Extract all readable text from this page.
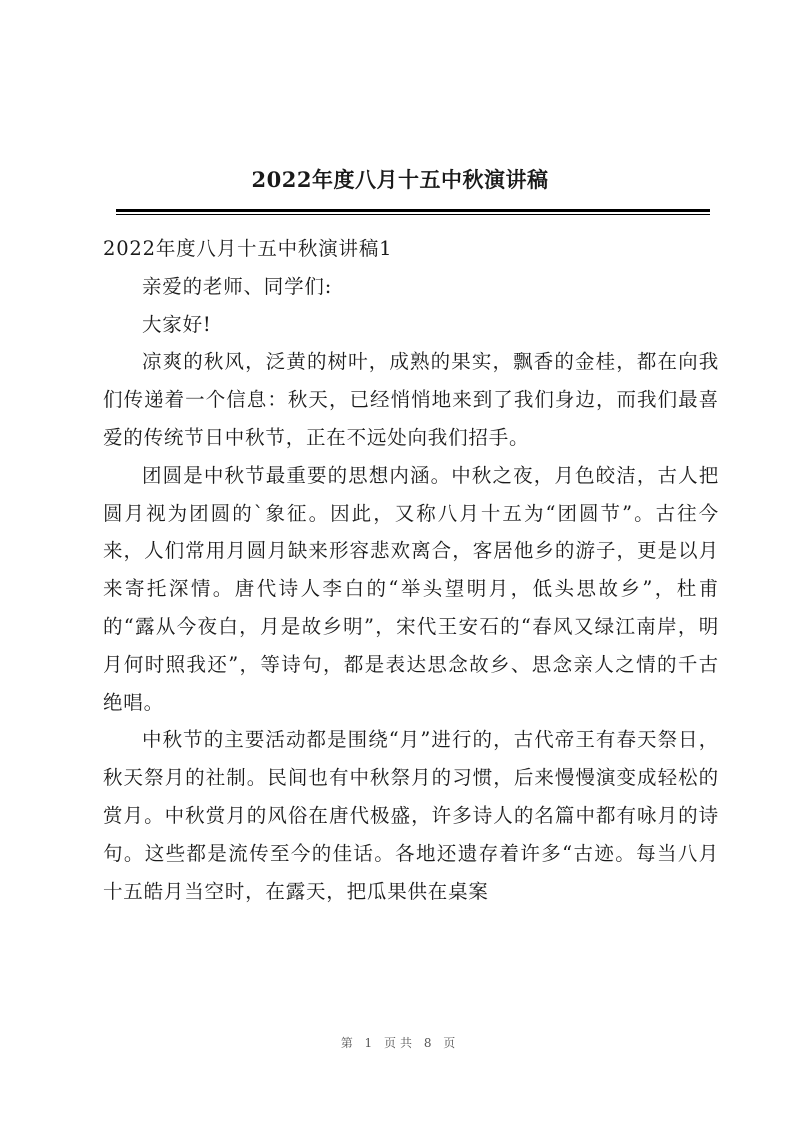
2022年度八月十五中秋演讲稿

2022年度八月十五中秋演讲稿1

亲爱的老师、同学们:

大家好!

凉爽的秋风，泛黄的树叶，成熟的果实，飘香的金桂，都在向我们传递着一个信息：秋天，已经悄悄地来到了我们身边，而我们最喜爱的传统节日中秋节，正在不远处向我们招手。

团圆是中秋节最重要的思想内涵。中秋之夜，月色皎洁，古人把圆月视为团圆的`象征。因此，又称八月十五为“团圆节”。古往今来，人们常用月圆月缺来形容悲欢离合，客居他乡的游子，更是以月来寄托深情。唐代诗人李白的“举头望明月，低头思故乡”，杜甫的“露从今夜白，月是故乡明”，宋代王安石的“春风又绿江南岸，明月何时照我还”，等诗句，都是表达思念故乡、思念亲人之情的千古绝唱。

中秋节的主要活动都是围绕“月”进行的，古代帝王有春天祭日，秋天祭月的社制。民间也有中秋祭月的习惯，后来慢慢演变成轻松的赏月。中秋赏月的风俗在唐代极盛，许多诗人的名篇中都有咏月的诗句。这些都是流传至今的佳话。各地还遗存着许多“古迹。每当八月十五皓月当空时，在露天，把瓜果供在桌案

第 1 页共 8 页
